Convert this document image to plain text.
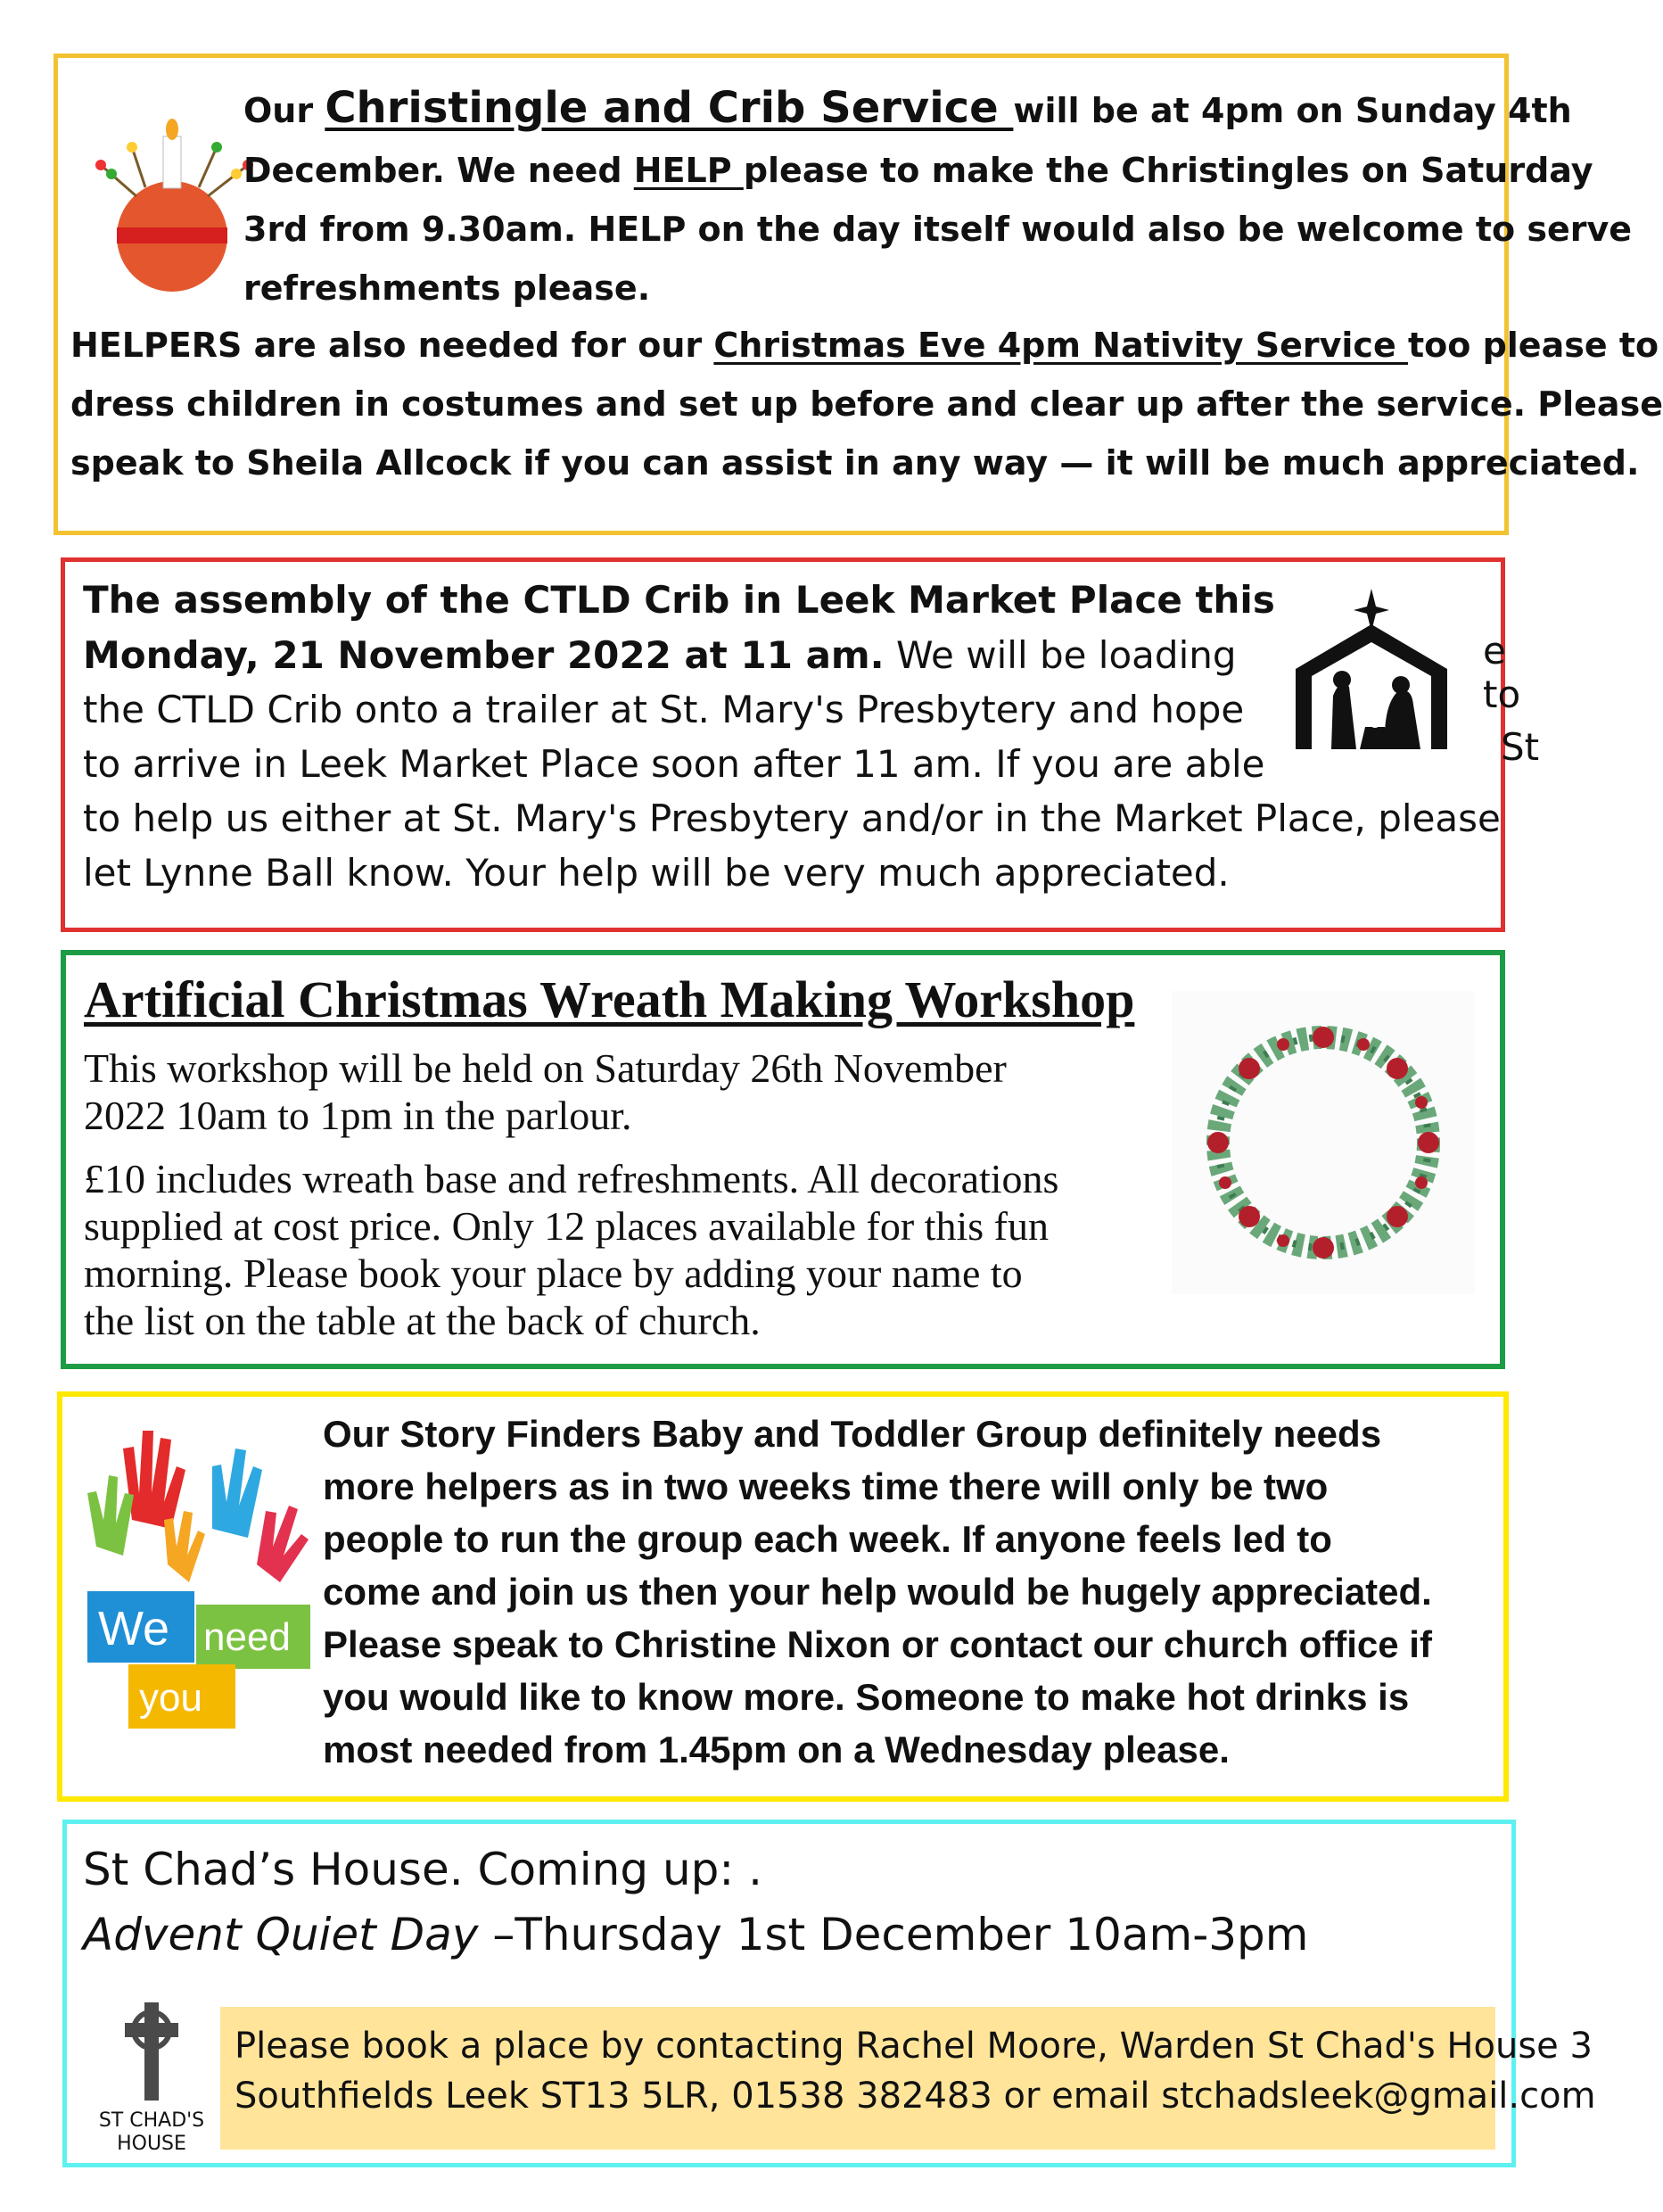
Our Christingle and Crib Service will be at 4pm on Sunday 4th
December. We need HELP please to make the Christingles on Saturday
3rd from 9.30am. HELP on the day itself would also be welcome to serve
refreshments please.
HELPERS are also needed for our Christmas Eve 4pm Nativity Service too please to
dress children in costumes and set up before and clear up after the service. Please
speak to Sheila Allcock if you can assist in any way — it will be much appreciated.
The assembly of the CTLD Crib in Leek Market Place this
Monday, 21 November 2022 at 11 am. We will be loading
the CTLD Crib onto a trailer at St. Mary's Presbytery and hope
to arrive in Leek Market Place soon after 11 am. If you are able
to help us either at St. Mary's Presbytery and/or in the Market Place, please
let Lynne Ball know. Your help will be very much appreciated.
e to
St
Artificial Christmas Wreath Making Workshop
This workshop will be held on Saturday 26th November
2022 10am to 1pm in the parlour.
£10 includes wreath base and refreshments. All decorations
supplied at cost price. Only 12 places available for this fun
morning. Please book your place by adding your name to
the list on the table at the back of church.
We need
you
Our Story Finders Baby and Toddler Group definitely needs
more helpers as in two weeks time there will only be two
people to run the group each week. If anyone feels led to
come and join us then your help would be hugely appreciated.
Please speak to Christine Nixon or contact our church office if
you would like to know more. Someone to make hot drinks is
most needed from 1.45pm on a Wednesday please.
St Chad’s House. Coming up: .
Advent Quiet Day –Thursday 1st December 10am-3pm
ST CHAD'S
HOUSE
Please book a place by contacting Rachel Moore, Warden St Chad's House 3
Southfields Leek ST13 5LR, 01538 382483 or email stchadsleek@gmail.com
